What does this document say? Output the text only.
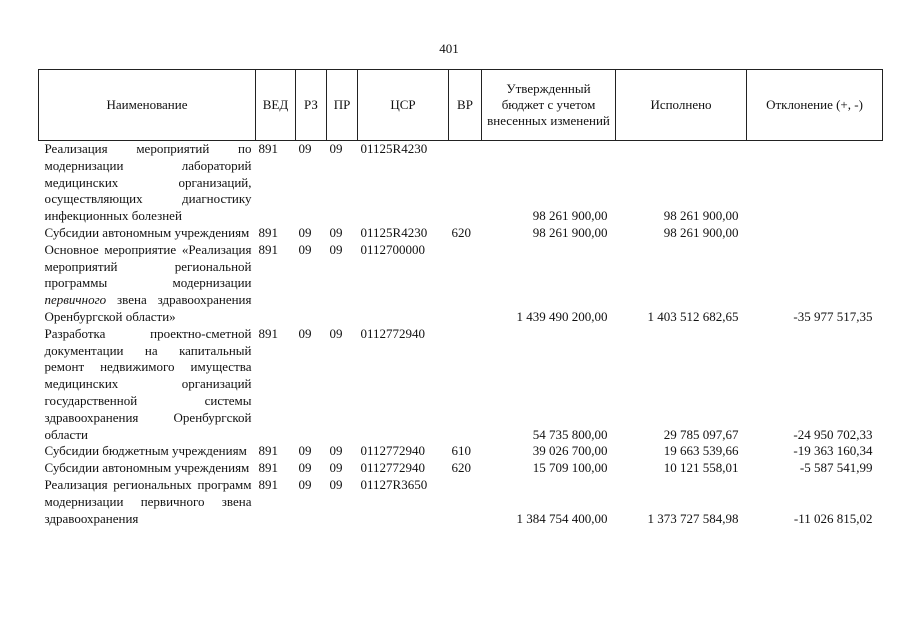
401
Наименование	ВЕД	РЗ	ПР	ЦСР	ВР	Утвержденный бюджет с учетом внесенных изменений	Исполнено	Отклонение (+, -)
Реализация мероприятий по модернизации лабораторий медицинских организаций, осуществляющих диагностику инфекционных болезней	891	09	09	01125R4230		98 261 900,00	98 261 900,00	
Субсидии автономным учреждениям	891	09	09	01125R4230	620	98 261 900,00	98 261 900,00	
Основное мероприятие «Реализация мероприятий региональной программы модернизации первичного звена здравоохранения Оренбургской области»	891	09	09	0112700000		1 439 490 200,00	1 403 512 682,65	-35 977 517,35
Разработка проектно-сметной документации на капитальный ремонт недвижимого имущества медицинских организаций государственной системы здравоохранения Оренбургской области	891	09	09	0112772940		54 735 800,00	29 785 097,67	-24 950 702,33
Субсидии бюджетным учреждениям	891	09	09	0112772940	610	39 026 700,00	19 663 539,66	-19 363 160,34
Субсидии автономным учреждениям	891	09	09	0112772940	620	15 709 100,00	10 121 558,01	-5 587 541,99
Реализация региональных программ модернизации первичного звена здравоохранения	891	09	09	01127R3650		1 384 754 400,00	1 373 727 584,98	-11 026 815,02
